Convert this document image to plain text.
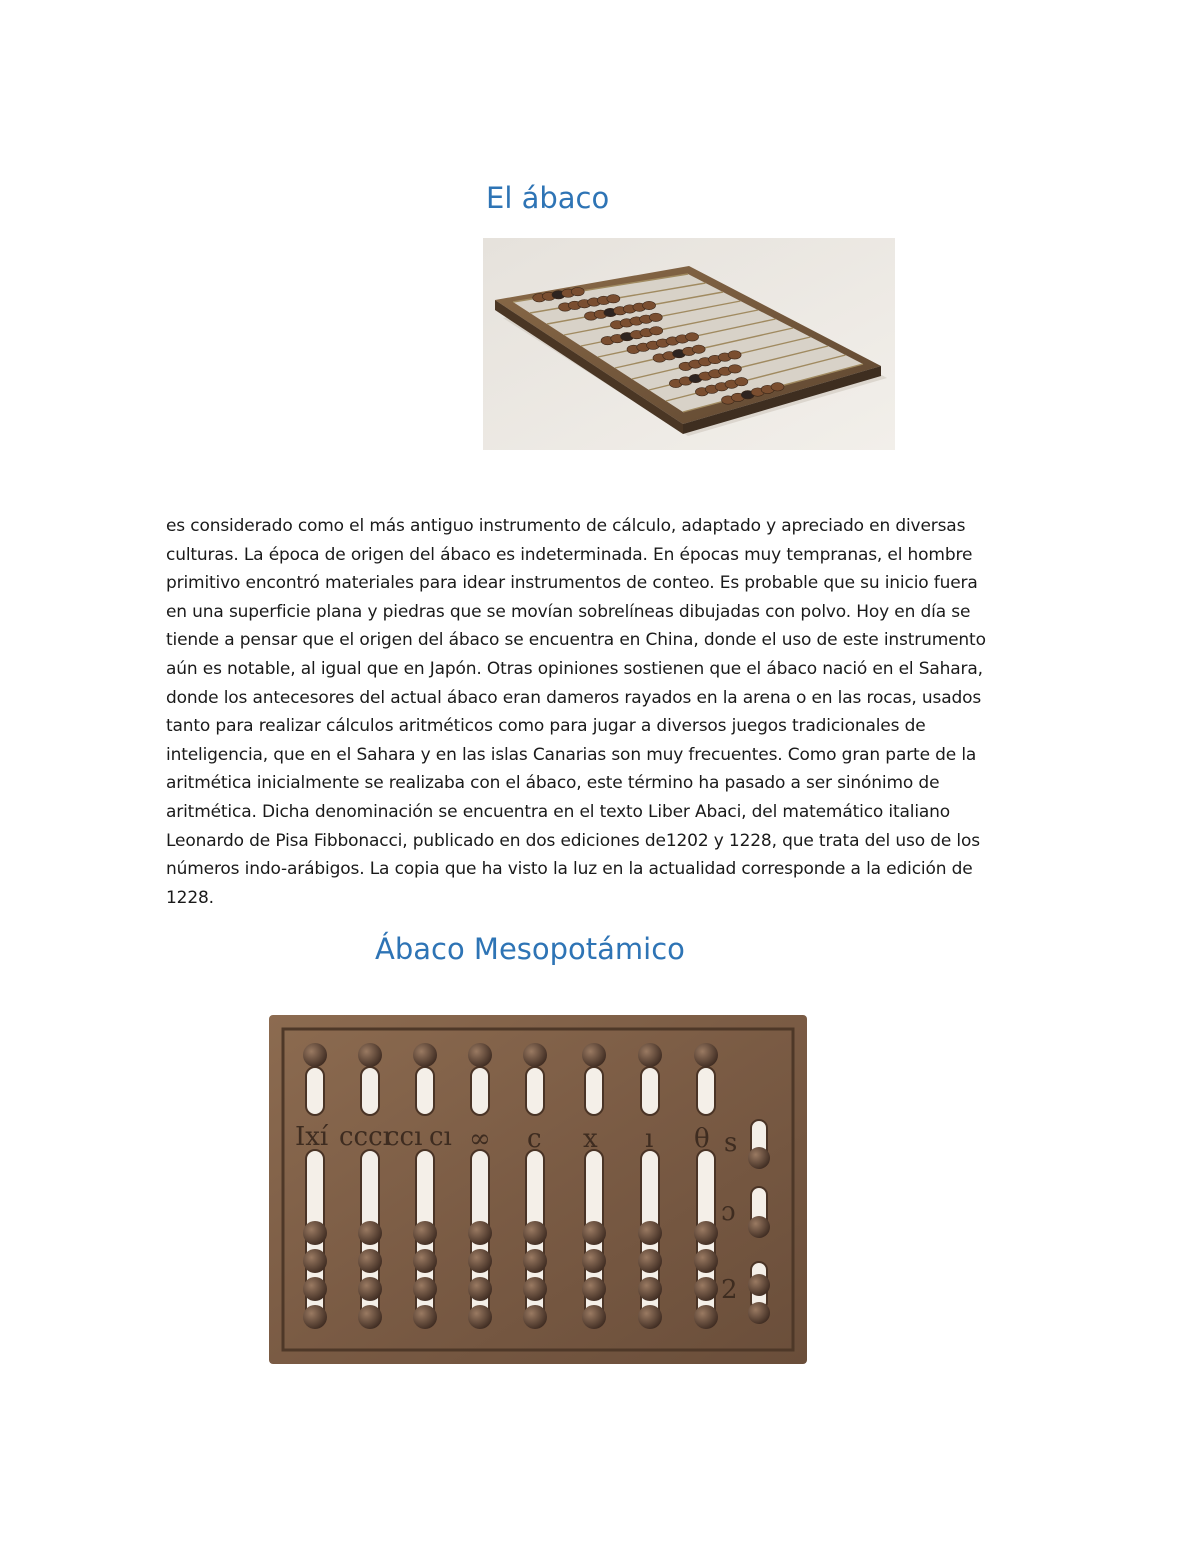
El ábaco

es considerado como el más antiguo instrumento de cálculo, adaptado y apreciado en diversas
culturas. La época de origen del ábaco es indeterminada. En épocas muy tempranas, el hombre
primitivo encontró materiales para idear instrumentos de conteo. Es probable que su inicio fuera
en una superficie plana y piedras que se movían sobrelíneas dibujadas con polvo. Hoy en día se
tiende a pensar que el origen del ábaco se encuentra en China, donde el uso de este instrumento
aún es notable, al igual que en Japón. Otras opiniones sostienen que el ábaco nació en el Sahara,
donde los antecesores del actual ábaco eran dameros rayados en la arena o en las rocas, usados
tanto para realizar cálculos aritméticos como para jugar a diversos juegos tradicionales de
inteligencia, que en el Sahara y en las islas Canarias son muy frecuentes. Como gran parte de la
aritmética inicialmente se realizaba con el ábaco, este término ha pasado a ser sinónimo de
aritmética. Dicha denominación se encuentra en el texto Liber Abaci, del matemático italiano
Leonardo de Pisa Fibbonacci, publicado en dos ediciones de1202 y 1228, que trata del uso de los
números indo-arábigos. La copia que ha visto la luz en la actualidad corresponde a la edición de
1228.

Ábaco Mesopotámico
Ixí cccı
ccı cı ∞ c x ı θ s
ɔ
2
